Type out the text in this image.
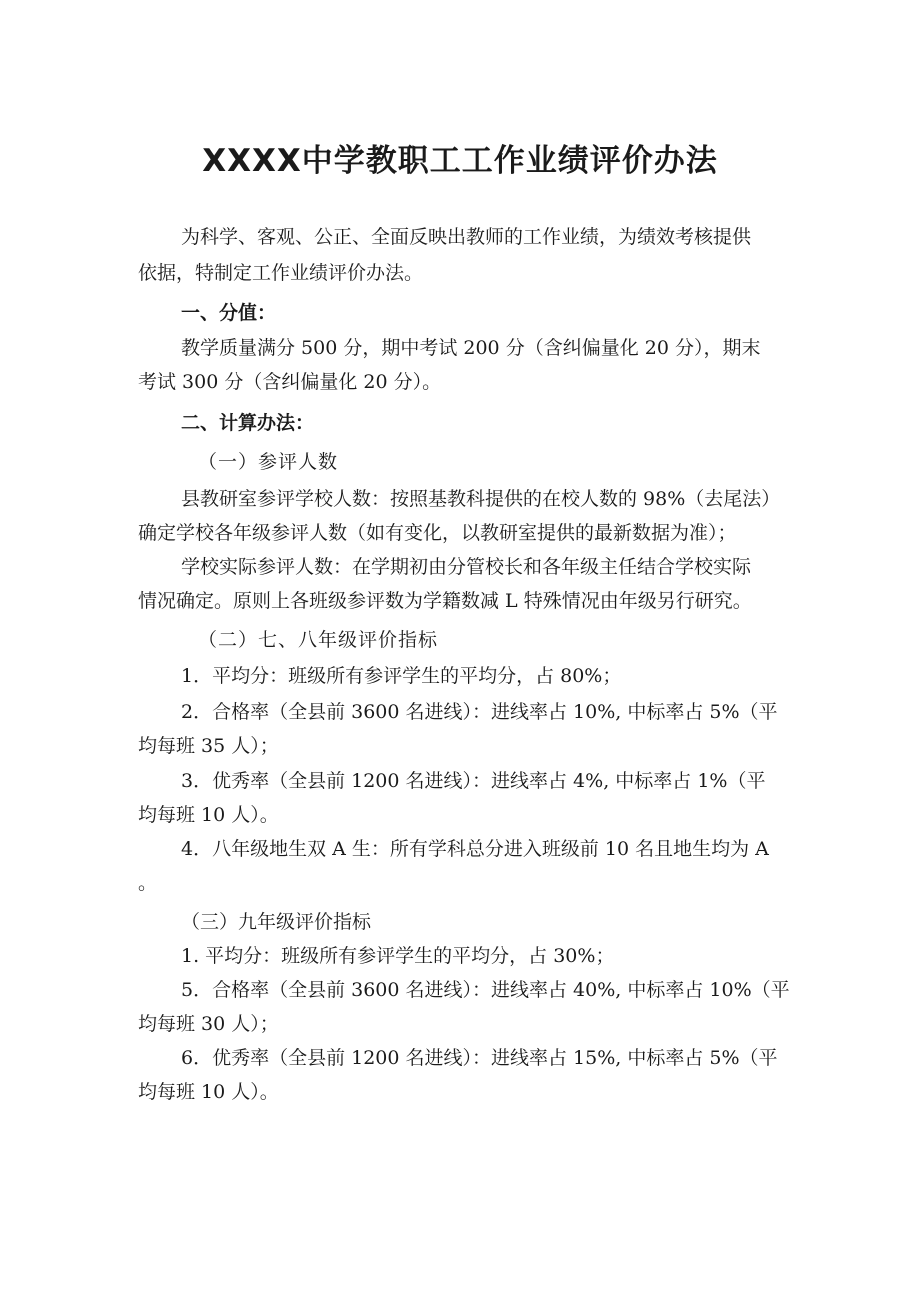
XXXX中学教职工工作业绩评价办法
为科学、客观、公正、全面反映出教师的工作业绩，为绩效考核提供
依据，特制定工作业绩评价办法。
一、分值：
教学质量满分 500 分，期中考试 200 分（含纠偏量化 20 分），期末
考试 300 分（含纠偏量化 20 分）。
二、计算办法：
（一）参评人数
县教研室参评学校人数：按照基教科提供的在校人数的 98%（去尾法）
确定学校各年级参评人数（如有变化，以教研室提供的最新数据为准）；
学校实际参评人数：在学期初由分管校长和各年级主任结合学校实际
情况确定。原则上各班级参评数为学籍数减 L 特殊情况由年级另行研究。
（二）七、八年级评价指标
1．平均分：班级所有参评学生的平均分，占 80%；
2．合格率（全县前 3600 名进线）：进线率占 10%, 中标率占 5%（平
均每班 35 人）；
3．优秀率（全县前 1200 名进线）：进线率占 4%, 中标率占 1%（平
均每班 10 人）。
4．八年级地生双 A 生：所有学科总分进入班级前 10 名且地生均为 A
。
（三）九年级评价指标
1. 平均分：班级所有参评学生的平均分，占 30%；
5．合格率（全县前 3600 名进线）：进线率占 40%, 中标率占 10%（平
均每班 30 人）；
6．优秀率（全县前 1200 名进线）：进线率占 15%, 中标率占 5%（平
均每班 10 人）。
